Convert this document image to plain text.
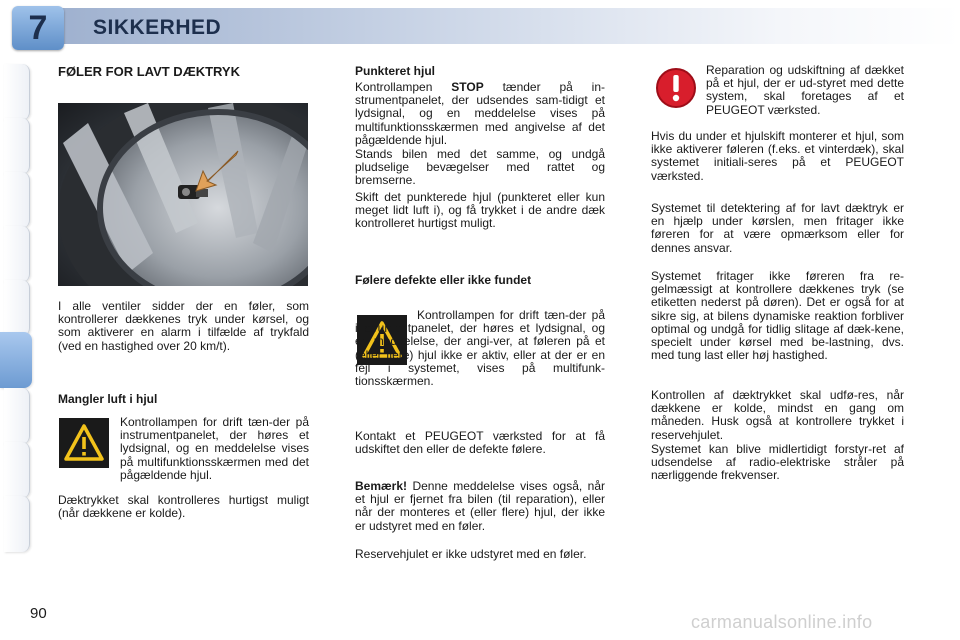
7	SIKKERHED
FØLER FOR LAVT DÆKTRYK

I alle ventiler sidder der en føler, som kontrollerer dækkenes tryk under kørsel, og som aktiverer en alarm i tilfælde af trykfald (ved en hastighed over 20 km/t).

Mangler luft i hjul

Kontrollampen for drift tæn-der på instrumentpanelet, der høres et lydsignal, og en meddelelse vises på multifunktionsskærmen med det pågældende hjul.

Dæktrykket skal kontrolleres hurtigst muligt (når dækkene er kolde).

Punkteret hjul

Kontrollampen STOP tænder på in-strumentpanelet, der udsendes sam-tidigt et lydsignal, og en meddelelse vises på multifunktionsskærmen med angivelse af det pågældende hjul.

Stands bilen med det samme, og undgå pludselige bevægelser med rattet og bremserne.

Skift det punkterede hjul (punkteret eller kun meget lidt luft i), og få trykket i de andre dæk kontrolleret hurtigst muligt.

Følere defekte eller ikke fundet

Kontrollampen for drift tæn-der på instrumentpanelet, der høres et lydsignal, og en meddelelse, der angi-ver, at føleren på et (eller flere) hjul ikke er aktiv, eller at der er en fejl i systemet, vises på multifunk-tionsskærmen.

Kontakt et PEUGEOT værksted for at få udskiftet den eller de defekte følere.

Bemærk! Denne meddelelse vises også, når et hjul er fjernet fra bilen (til reparation), eller når der monteres et (eller flere) hjul, der ikke er udstyret med en føler.

Reservehjulet er ikke udstyret med en føler.

Reparation og udskiftning af dækket på et hjul, der er ud-styret med dette system, skal foretages af et PEUGEOT værksted.

Hvis du under et hjulskift monterer et hjul, som ikke aktiverer føleren (f.eks. et vinterdæk), skal systemet initiali-seres på et PEUGEOT værksted.

Systemet til detektering af for lavt dæktryk er en hjælp under kørslen, men fritager ikke føreren for at være opmærksom eller for dennes ansvar.

Systemet fritager ikke føreren fra re-gelmæssigt at kontrollere dækkenes tryk (se etiketten nederst på døren). Det er også for at sikre sig, at bilens dynamiske reaktion forbliver optimal og undgå for tidlig slitage af dæk-kene, specielt under kørsel med be-lastning, dvs. med tung last eller høj hastighed.

Kontrollen af dæktrykket skal udfø-res, når dækkene er kolde, mindst en gang om måneden. Husk også at kontrollere trykket i reservehjulet.

Systemet kan blive midlertidigt forstyr-ret af udsendelse af radio-elektriske stråler på nærliggende frekvenser.

90	carmanualsonline.info
